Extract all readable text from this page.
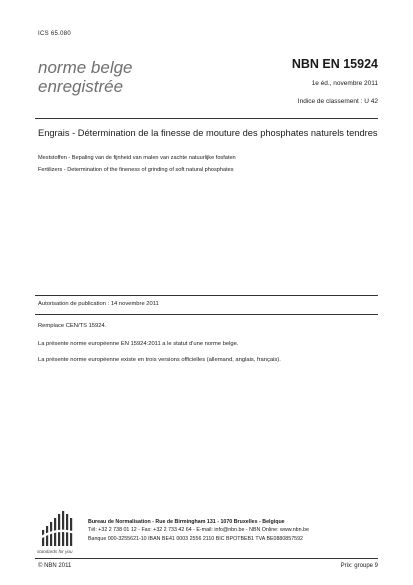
ICS 65.080
norme belge
enregistrée
NBN EN 15924
1e éd., novembre 2011
Indice de classement : U 42
Engrais - Détermination de la finesse de mouture des phosphates naturels tendres
Meststoffen - Bepaling van de fijnheid van malen van zachte natuurlijke fosfaten
Fertilizers - Determination of the fineness of grinding of soft natural phosphates
Autorisation de publication : 14 novembre 2011
Remplace CEN/TS 15924.
La présente norme européenne EN 15924:2011 a le statut d'une norme belge.
La présente norme européenne existe en trois versions officielles (allemand, anglais, français).
standards for you
Bureau de Normalisation - Rue de Birmingham 131 - 1070 Bruxelles - Belgique
Tél: +32 2 738 01 12 - Fax: +32 2 733 42 64 - E-mail: info@nbn.be - NBN Online: www.nbn.be
Banque 000-3255621-10 IBAN BE41 0003 2556 2110 BIC BPOTBEB1 TVA BE0880857592
© NBN 2011	Prix: groupe 9
